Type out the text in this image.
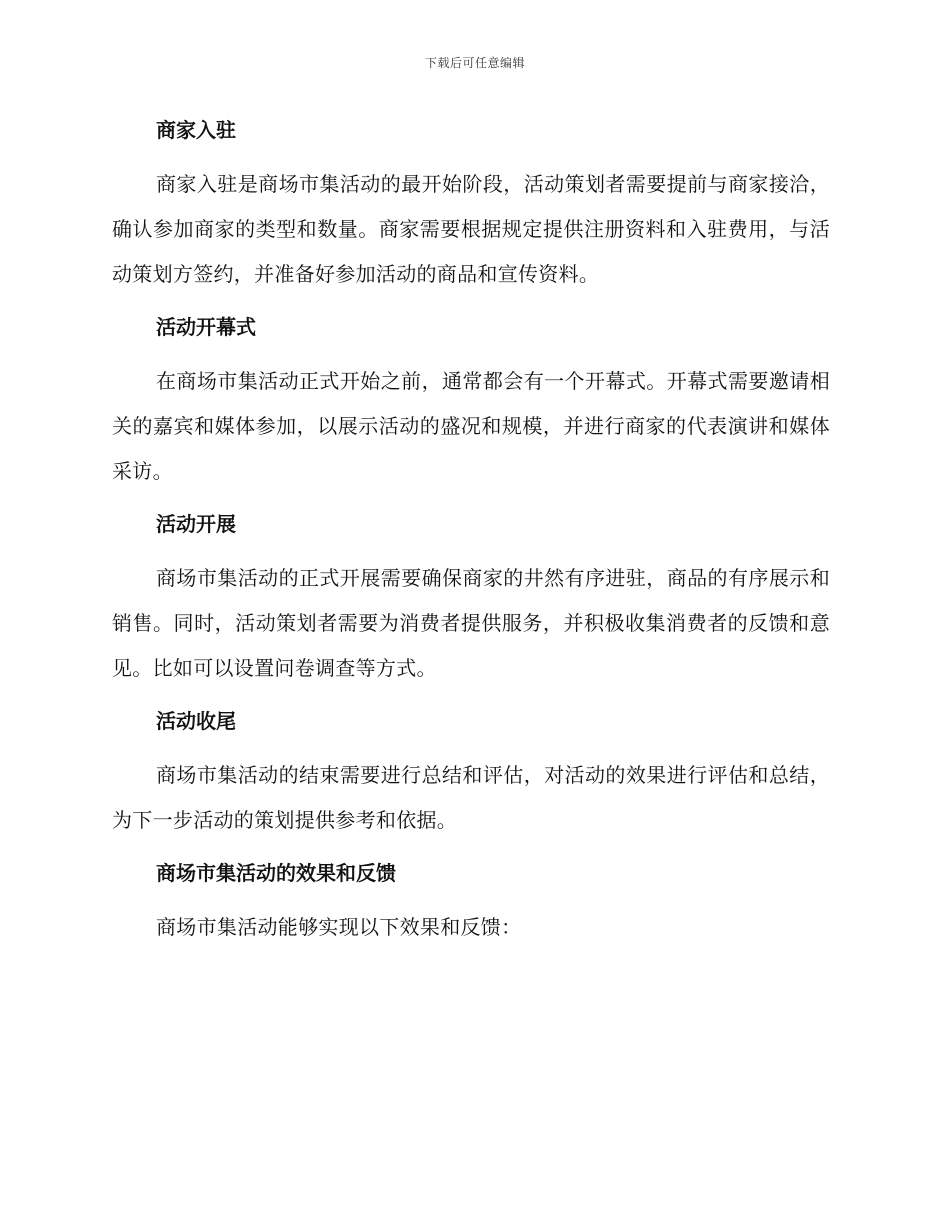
下载后可任意编辑
商家入驻
商家入驻是商场市集活动的最开始阶段，活动策划者需要提前与商家接洽，确认参加商家的类型和数量。商家需要根据规定提供注册资料和入驻费用，与活动策划方签约，并准备好参加活动的商品和宣传资料。
活动开幕式
在商场市集活动正式开始之前，通常都会有一个开幕式。开幕式需要邀请相关的嘉宾和媒体参加，以展示活动的盛况和规模，并进行商家的代表演讲和媒体采访。
活动开展
商场市集活动的正式开展需要确保商家的井然有序进驻，商品的有序展示和销售。同时，活动策划者需要为消费者提供服务，并积极收集消费者的反馈和意见。比如可以设置问卷调查等方式。
活动收尾
商场市集活动的结束需要进行总结和评估，对活动的效果进行评估和总结，为下一步活动的策划提供参考和依据。
商场市集活动的效果和反馈
商场市集活动能够实现以下效果和反馈：
